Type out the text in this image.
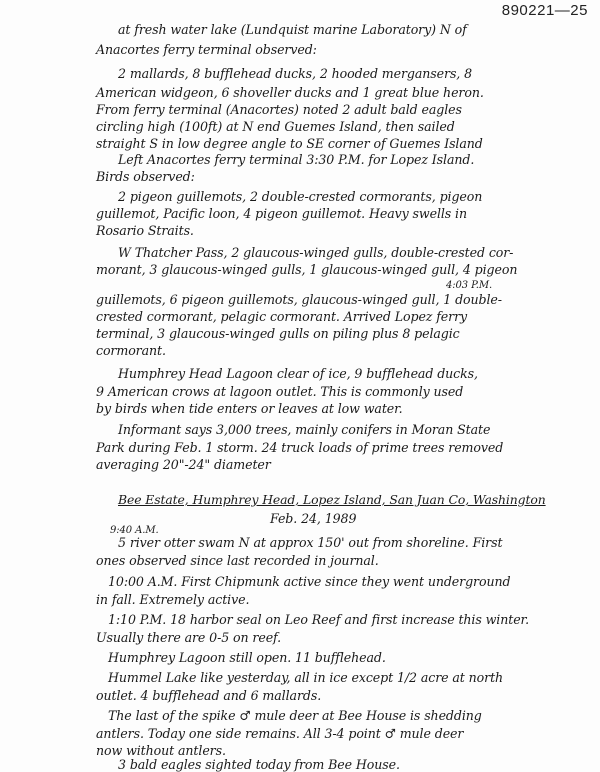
890221—25
at fresh water lake (Lundquist marine Laboratory) N of
Anacortes ferry terminal observed:
2 mallards, 8 bufflehead ducks, 2 hooded mergansers, 8
American widgeon, 6 shoveller ducks and 1 great blue heron.
From ferry terminal (Anacortes) noted 2 adult bald eagles
circling high (100ft) at N end Guemes Island, then sailed
straight S in low degree angle to SE corner of Guemes Island
Left Anacortes ferry terminal 3:30 P.M. for Lopez Island.
Birds observed:
2 pigeon guillemots, 2 double-crested cormorants, pigeon
guillemot, Pacific loon, 4 pigeon guillemot. Heavy swells in
Rosario Straits.
W Thatcher Pass, 2 glaucous-winged gulls, double-crested cor-
morant, 3 glaucous-winged gulls, 1 glaucous-winged gull, 4 pigeon
4:03 P.M.
guillemots, 6 pigeon guillemots, glaucous-winged gull, 1 double-
crested cormorant, pelagic cormorant. Arrived Lopez ferry
terminal, 3 glaucous-winged gulls on piling plus 8 pelagic
cormorant.
Humphrey Head Lagoon clear of ice, 9 bufflehead ducks,
9 American crows at lagoon outlet. This is commonly used
by birds when tide enters or leaves at low water.
Informant says 3,000 trees, mainly conifers in Moran State
Park during Feb. 1 storm. 24 truck loads of prime trees removed
averaging 20"-24" diameter
Bee Estate, Humphrey Head, Lopez Island, San Juan Co, Washington
Feb. 24, 1989
9:40 A.M.
5 river otter swam N at approx 150' out from shoreline. First
ones observed since last recorded in journal.
10:00 A.M. First Chipmunk active since they went underground
in fall. Extremely active.
1:10 P.M. 18 harbor seal on Leo Reef and first increase this winter.
Usually there are 0-5 on reef.
Humphrey Lagoon still open. 11 bufflehead.
Hummel Lake like yesterday, all in ice except 1/2 acre at north
outlet. 4 bufflehead and 6 mallards.
The last of the spike ♂ mule deer at Bee House is shedding
antlers. Today one side remains. All 3-4 point ♂ mule deer
now without antlers.
3 bald eagles sighted today from Bee House.
